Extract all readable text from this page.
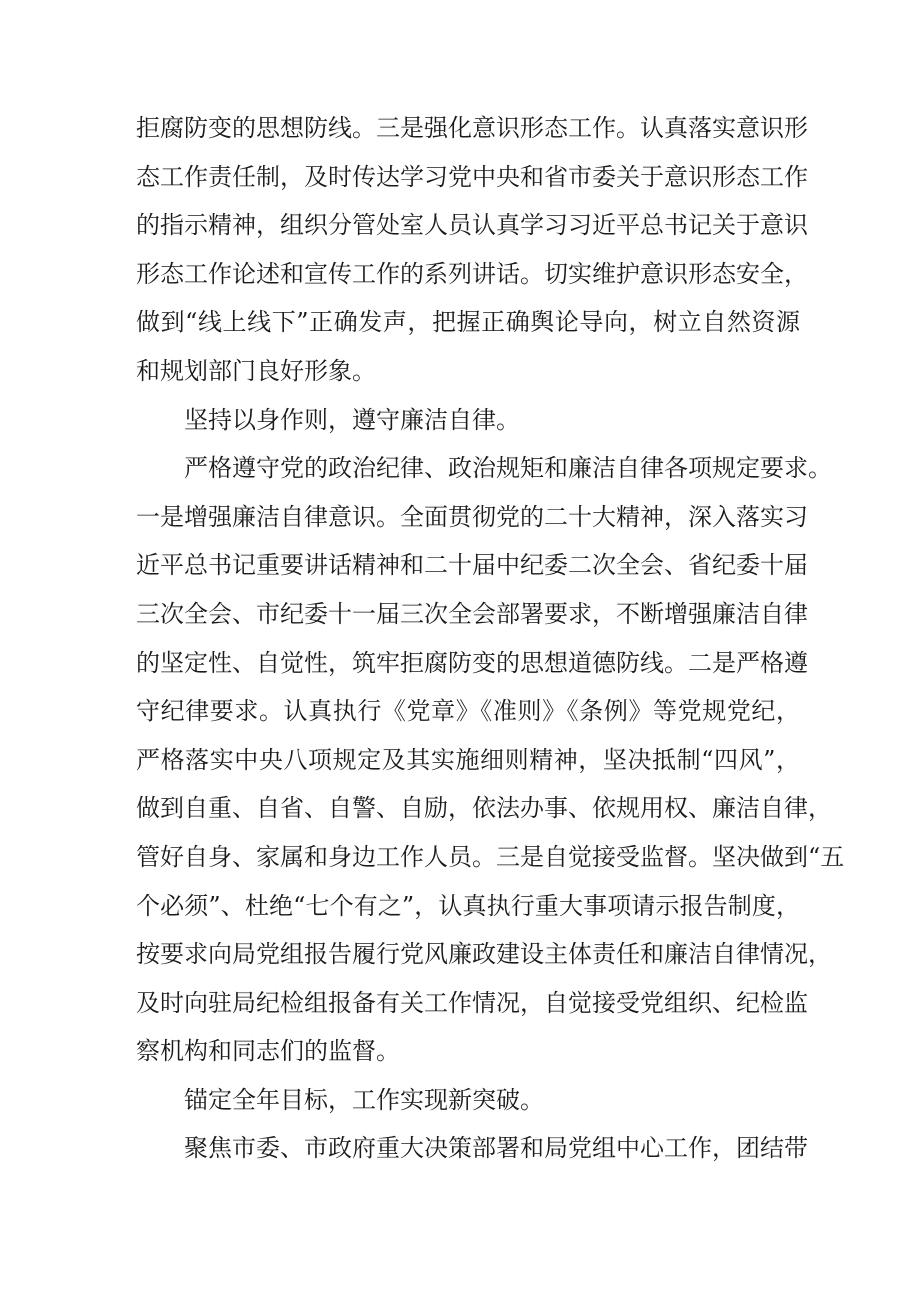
拒腐防变的思想防线。三是强化意识形态工作。认真落实意识形
态工作责任制，及时传达学习党中央和省市委关于意识形态工作
的指示精神，组织分管处室人员认真学习习近平总书记关于意识
形态工作论述和宣传工作的系列讲话。切实维护意识形态安全，
做到“线上线下”正确发声，把握正确舆论导向，树立自然资源
和规划部门良好形象。
坚持以身作则，遵守廉洁自律。
严格遵守党的政治纪律、政治规矩和廉洁自律各项规定要求。
一是增强廉洁自律意识。全面贯彻党的二十大精神，深入落实习
近平总书记重要讲话精神和二十届中纪委二次全会、省纪委十届
三次全会、市纪委十一届三次全会部署要求，不断增强廉洁自律
的坚定性、自觉性，筑牢拒腐防变的思想道德防线。二是严格遵
守纪律要求。认真执行《党章》《准则》《条例》等党规党纪，
严格落实中央八项规定及其实施细则精神，坚决抵制“四风”，
做到自重、自省、自警、自励，依法办事、依规用权、廉洁自律，
管好自身、家属和身边工作人员。三是自觉接受监督。坚决做到“五
个必须”、杜绝“七个有之”，认真执行重大事项请示报告制度，
按要求向局党组报告履行党风廉政建设主体责任和廉洁自律情况，
及时向驻局纪检组报备有关工作情况，自觉接受党组织、纪检监
察机构和同志们的监督。
锚定全年目标，工作实现新突破。
聚焦市委、市政府重大决策部署和局党组中心工作，团结带
